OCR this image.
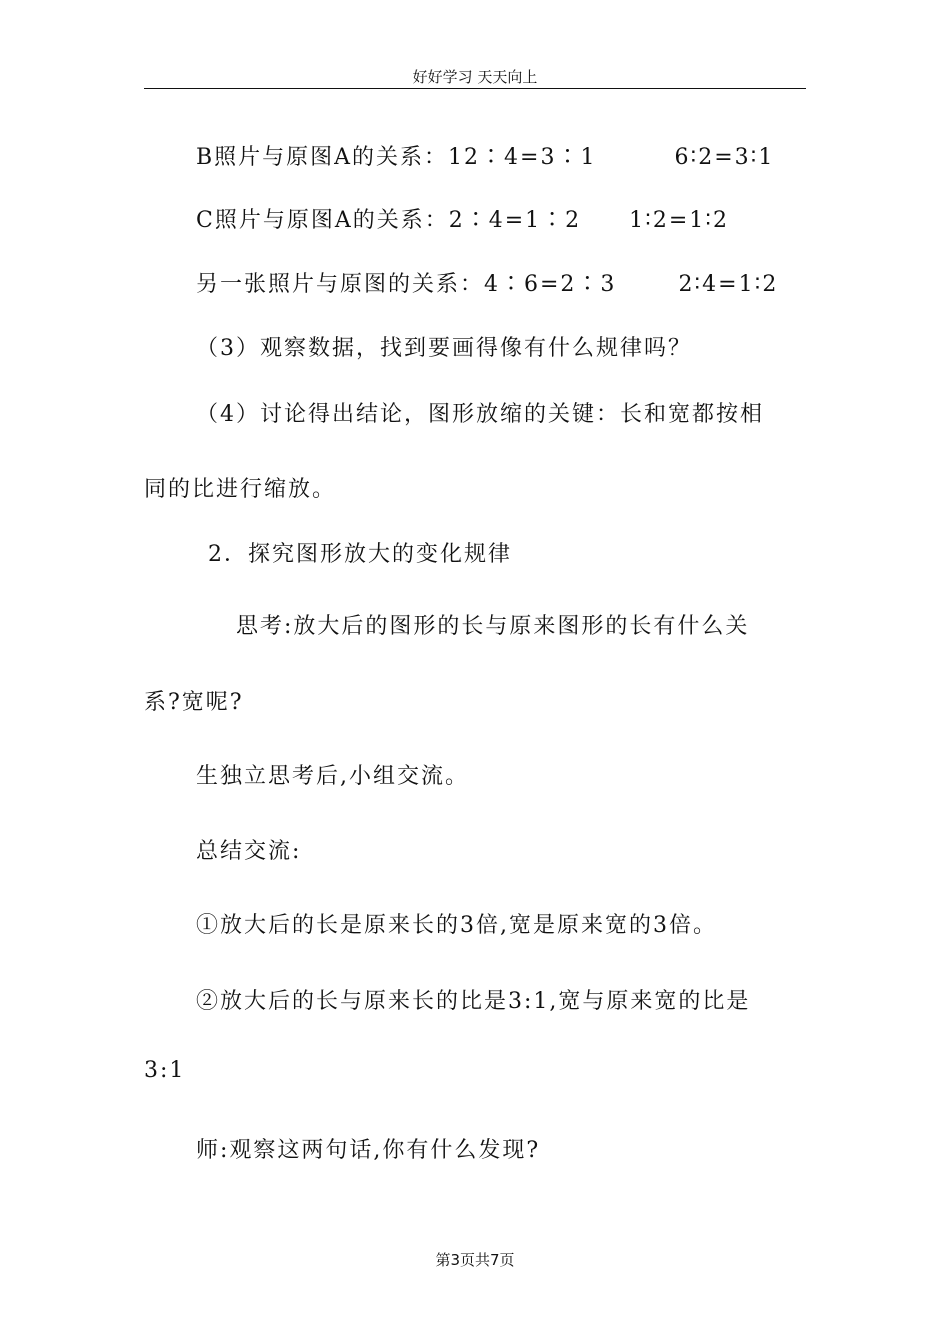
好好学习 天天向上
B照片与原图A的关系：12∶4=3∶1	6∶2=3∶1
C照片与原图A的关系：2∶4=1∶2 1∶2=1∶2
另一张照片与原图的关系：4∶6=2∶3	2∶4=1∶2
（3）观察数据，找到要画得像有什么规律吗？
（4）讨论得出结论，图形放缩的关键：长和宽都按相
同的比进行缩放。
2．探究图形放大的变化规律
思考:放大后的图形的长与原来图形的长有什么关
系?宽呢?
生独立思考后,小组交流。
总结交流:
①放大后的长是原来长的3倍,宽是原来宽的3倍。
②放大后的长与原来长的比是3:1,宽与原来宽的比是
3:1
师:观察这两句话,你有什么发现?
第3页共7页
